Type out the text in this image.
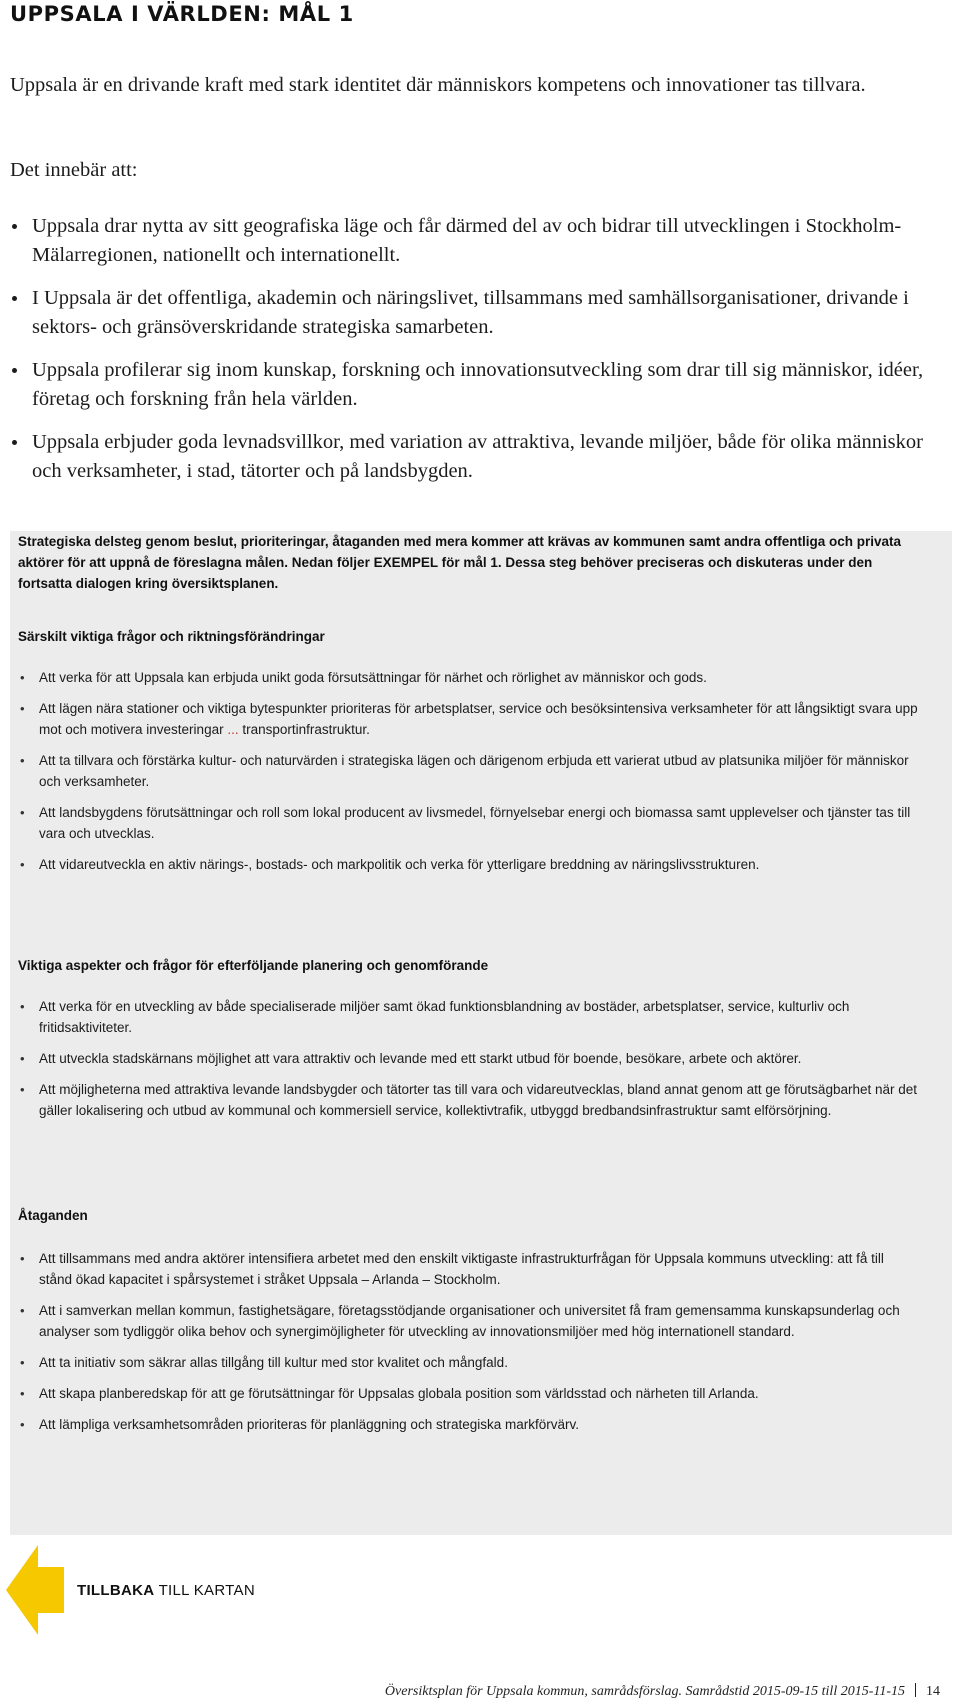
UPPSALA I VÄRLDEN: MÅL 1

Uppsala är en drivande kraft med stark identitet där människors kompetens och innovationer tas tillvara.

Det innebär att:

Uppsala drar nytta av sitt geografiska läge och får därmed del av och bidrar till utvecklingen i Stockholm-Mälarregionen, nationellt och internationellt.
I Uppsala är det offentliga, akademin och näringslivet, tillsammans med samhällsorganisationer, drivande i sektors- och gränsöverskridande strategiska samarbeten.
Uppsala profilerar sig inom kunskap, forskning och innovationsutveckling som drar till sig människor, idéer, företag och forskning från hela världen.
Uppsala erbjuder goda levnadsvillkor, med variation av attraktiva, levande miljöer, både för olika människor och verksamheter, i stad, tätorter och på landsbygden.

Strategiska delsteg genom beslut, prioriteringar, åtaganden med mera kommer att krävas av kommunen samt andra offentliga och privata aktörer för att uppnå de föreslagna målen. Nedan följer EXEMPEL för mål 1. Dessa steg behöver preciseras och diskuteras under den fortsatta dialogen kring översiktsplanen.

Särskilt viktiga frågor och riktningsförändringar
• Att verka för att Uppsala kan erbjuda unikt goda försutsättningar för närhet och rörlighet av människor och gods.
• Att lägen nära stationer och viktiga bytespunkter prioriteras för arbetsplatser, service och besöksintensiva verksamheter för att långsiktigt svara upp mot och motivera investeringar ... transportinfrastruktur.
• Att ta tillvara och förstärka kultur- och naturvärden i strategiska lägen och därigenom erbjuda ett varierat utbud av platsunika miljöer för människor och verksamheter.
• Att landsbygdens förutsättningar och roll som lokal producent av livsmedel, förnyelsebar energi och biomassa samt upplevelser och tjänster tas till vara och utvecklas.
• Att vidareutveckla en aktiv närings-, bostads- och markpolitik och verka för ytterligare breddning av näringslivsstrukturen.
Viktiga aspekter och frågor för efterföljande planering och genomförande
• Att verka för en utveckling av både specialiserade miljöer samt ökad funktionsblandning av bostäder, arbetsplatser, service, kulturliv och fritidsaktiviteter.
• Att utveckla stadskärnans möjlighet att vara attraktiv och levande med ett starkt utbud för boende, besökare, arbete och aktörer.
• Att möjligheterna med attraktiva levande landsbygder och tätorter tas till vara och vidareutvecklas, bland annat genom att ge förutsägbarhet när det gäller lokalisering och utbud av kommunal och kommersiell service, kollektivtrafik, utbyggd bredbandsinfrastruktur samt elförsörjning.
Åtaganden
• Att tillsammans med andra aktörer intensifiera arbetet med den enskilt viktigaste infrastrukturfrågan för Uppsala kommuns utveckling: att få till stånd ökad kapacitet i spårsystemet i stråket Uppsala – Arlanda – Stockholm.
• Att i samverkan mellan kommun, fastighetsägare, företagsstödjande organisationer och universitet få fram gemensamma kunskapsunderlag och analyser som tydliggör olika behov och synergimöjligheter för utveckling av innovationsmiljöer med hög internationell standard.
• Att ta initiativ som säkrar allas tillgång till kultur med stor kvalitet och mångfald.
• Att skapa planberedskap för att ge förutsättningar för Uppsalas globala position som världsstad och närheten till Arlanda.
• Att lämpliga verksamhetsområden prioriteras för planläggning och strategiska markförvärv.
TILLBAKA TILL KARTAN
Översiktsplan för Uppsala kommun, samrådsförslag. Samrådstid 2015-09-15 till 2015-11-15 14
